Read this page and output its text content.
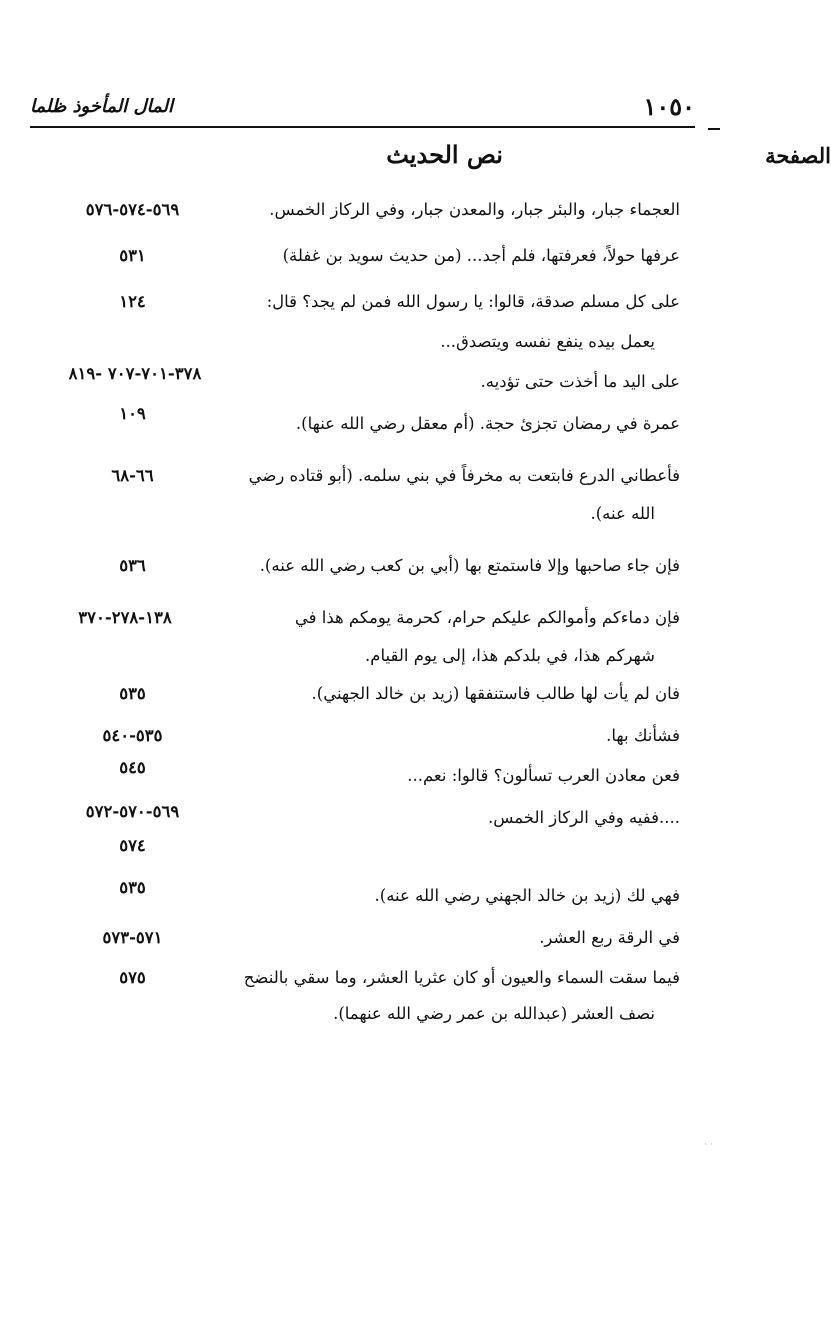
١٠٥٠
المال المأخوذ ظلما
نص الحديث	الصفحة
العجماء جبار، والبئر جبار، والمعدن جبار، وفي الركاز الخمس.
٥٦٩-٥٧٤-٥٧٦
عرفها حولاً، فعرفتها، فلم أجد... (من حديث سويد بن غفلة)
٥٣١
على كل مسلم صدقة، قالوا: يا رسول الله فمن لم يجد؟ قال:
١٢٤
يعمل بيده ينفع نفسه ويتصدق...
على اليد ما أخذت حتى تؤديه.
٣٧٨-٧٠١-٧٠٧ -٨١٩
عمرة في رمضان تجزئ حجة. (أم معقل رضي الله عنها).
١٠٩
فأعطاني الدرع فابتعت به مخرفاً في بني سلمه. (أبو قتاده رضي
٦٦-٦٨
الله عنه).
فإن جاء صاحبها وإلا فاستمتع بها (أبي بن كعب رضي الله عنه).
٥٣٦
فإن دماءكم وأموالكم عليكم حرام، كحرمة يومكم هذا في
١٣٨-٢٧٨-٣٧٠
شهركم هذا، في بلدكم هذا، إلى يوم القيام.
فان لم يأت لها طالب فاستنفقها (زيد بن خالد الجهني).
٥٣٥
فشأنك بها.
٥٣٥-٥٤٠
فعن معادن العرب تسألون؟ قالوا: نعم...
٥٤٥
....ففيه وفي الركاز الخمس.
٥٦٩-٥٧٠-٥٧٢
٥٧٤
فهي لك (زيد بن خالد الجهني رضي الله عنه).
٥٣٥
في الرقة ربع العشر.
٥٧١-٥٧٣
فيما سقت السماء والعيون أو كان عثريا العشر، وما سقي بالنضح
٥٧٥
نصف العشر (عبدالله بن عمر رضي الله عنهما).
· ·
